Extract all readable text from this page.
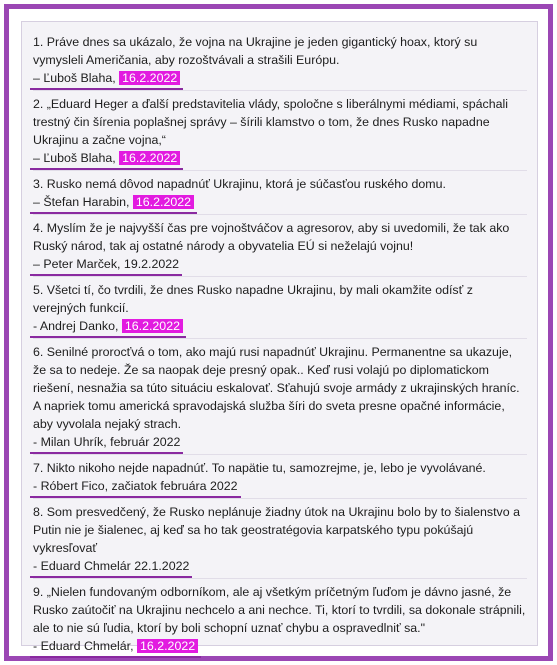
1. Práve dnes sa ukázalo, že vojna na Ukrajine je jeden gigantický hoax, ktorý su vymysleli Američania, aby rozoštvávali a strašili Európu.
– Ľuboš Blaha, 16.2.2022
2. „Eduard Heger a ďalší predstavitelia vlády, spoločne s liberálnymi médiami, spáchali trestný čin šírenia poplašnej správy – šírili klamstvo o tom, že dnes Rusko napadne Ukrajinu a začne vojna,“
– Ľuboš Blaha, 16.2.2022
3. Rusko nemá dôvod napadnúť Ukrajinu, ktorá je súčasťou ruského domu.
– Štefan Harabin, 16.2.2022
4. Myslím že je najvyšší čas pre vojnoštváčov a agresorov, aby si uvedomili, že tak ako Ruský národ, tak aj ostatné národy a obyvatelia EÚ si neželajú vojnu!
– Peter Marček, 19.2.2022
5. Všetci tí, čo tvrdili, že dnes Rusko napadne Ukrajinu, by mali okamžite odísť z verejných funkcií.
- Andrej Danko, 16.2.2022
6. Senilné prorocťvá o tom, ako majú rusi napadnúť Ukrajinu. Permanentne sa ukazuje, že sa to nedeje. Že sa naopak deje presný opak.. Keď rusi volajú po diplomatickom riešení, nesnažia sa túto situáciu eskalovať. Sťahujú svoje armády z ukrajinských hraníc. A napriek tomu americká spravodajská služba šíri do sveta presne opačné informácie, aby vyvolala nejaký strach.
- Milan Uhrík, február 2022
7. Nikto nikoho nejde napadnúť. To napätie tu, samozrejme, je, lebo je vyvolávané.
- Róbert Fico, začiatok februára 2022
8. Som presvedčený, že Rusko neplánuje žiadny útok na Ukrajinu bolo by to šialenstvo a Putin nie je šialenec, aj keď sa ho tak geostratégovia karpatského typu pokúšajú vykresľovať
- Eduard Chmelár 22.1.2022
9. „Nielen fundovaným odborníkom, ale aj všetkým príčetným ľuďom je dávno jasné, že Rusko zaútočiť na Ukrajinu nechcelo a ani nechce. Ti, ktorí to tvrdili, sa dokonale strápnili, ale to nie sú ľudia, ktorí by boli schopní uznať chybu a ospravedlniť sa."
- Eduard Chmelár, 16.2.2022
